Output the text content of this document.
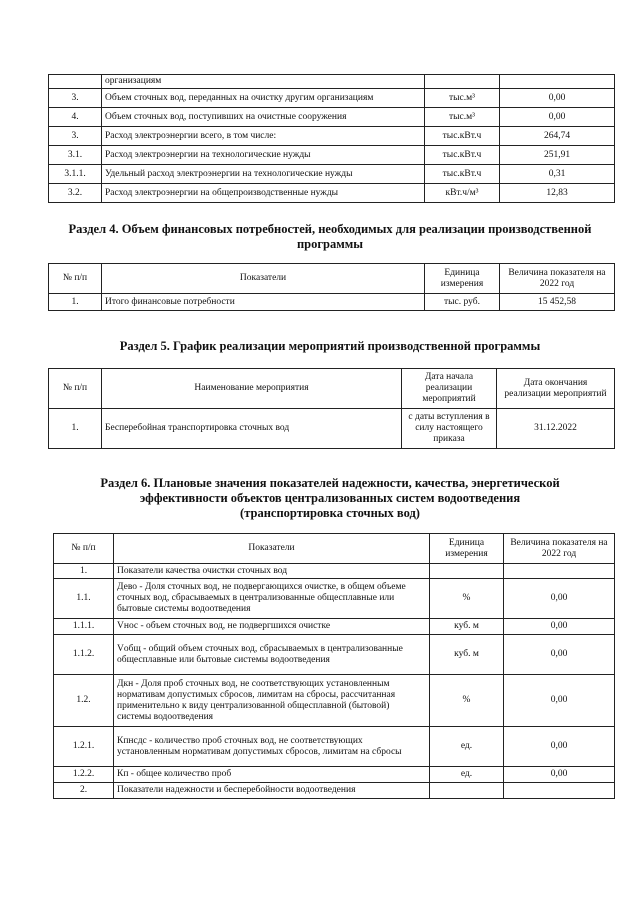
	организациям		
3.	Объем сточных вод, переданных на очистку другим организациям	тыс.м³	0,00
4.	Объем сточных вод, поступивших на очистные сооружения	тыс.м³	0,00
3.	Расход электроэнергии всего, в том числе:	тыс.кВт.ч	264,74
3.1.	Расход электроэнергии на технологические нужды	тыс.кВт.ч	251,91
3.1.1.	Удельный расход электроэнергии на технологические нужды	тыс.кВт.ч	0,31
3.2.	Расход электроэнергии на общепроизводственные нужды	кВт.ч/м³	12,83
Раздел 4. Объем финансовых потребностей, необходимых для реализации производственной программы
№ п/п	Показатели	Единица измерения	Величина показателя на 2022 год
1.	Итого финансовые потребности	тыс. руб.	15 452,58
Раздел 5. График реализации мероприятий производственной программы
№ п/п	Наименование мероприятия	Дата начала реализации мероприятий	Дата окончания реализации мероприятий
1.	Бесперебойная транспортировка сточных вод	с даты вступления в силу настоящего приказа	31.12.2022
Раздел 6. Плановые значения показателей надежности, качества, энергетической
эффективности объектов централизованных систем водоотведения
(транспортировка сточных вод)
№ п/п	Показатели	Единица измерения	Величина показателя на 2022 год
1.	Показатели качества очистки сточных вод		
1.1.	Дево - Доля сточных вод, не подвергающихся очистке, в общем объеме сточных вод, сбрасываемых в централизованные общесплавные или бытовые системы водоотведения	%	0,00
1.1.1.	Vнос - объем сточных вод, не подвергшихся очистке	куб. м	0,00
1.1.2.	Vобщ - общий объем сточных вод, сбрасываемых в централизованные общесплавные или бытовые системы водоотведения	куб. м	0,00
1.2.	Дкн - Доля проб сточных вод, не соответствующих установленным нормативам допустимых сбросов, лимитам на сбросы, рассчитанная применительно к виду централизованной общесплавной (бытовой) системы водоотведения	%	0,00
1.2.1.	Кпнсдс - количество проб сточных вод, не соответствующих установленным нормативам допустимых сбросов, лимитам на сбросы	ед.	0,00
1.2.2.	Кп - общее количество проб	ед.	0,00
2.	Показатели надежности и бесперебойности водоотведения		
